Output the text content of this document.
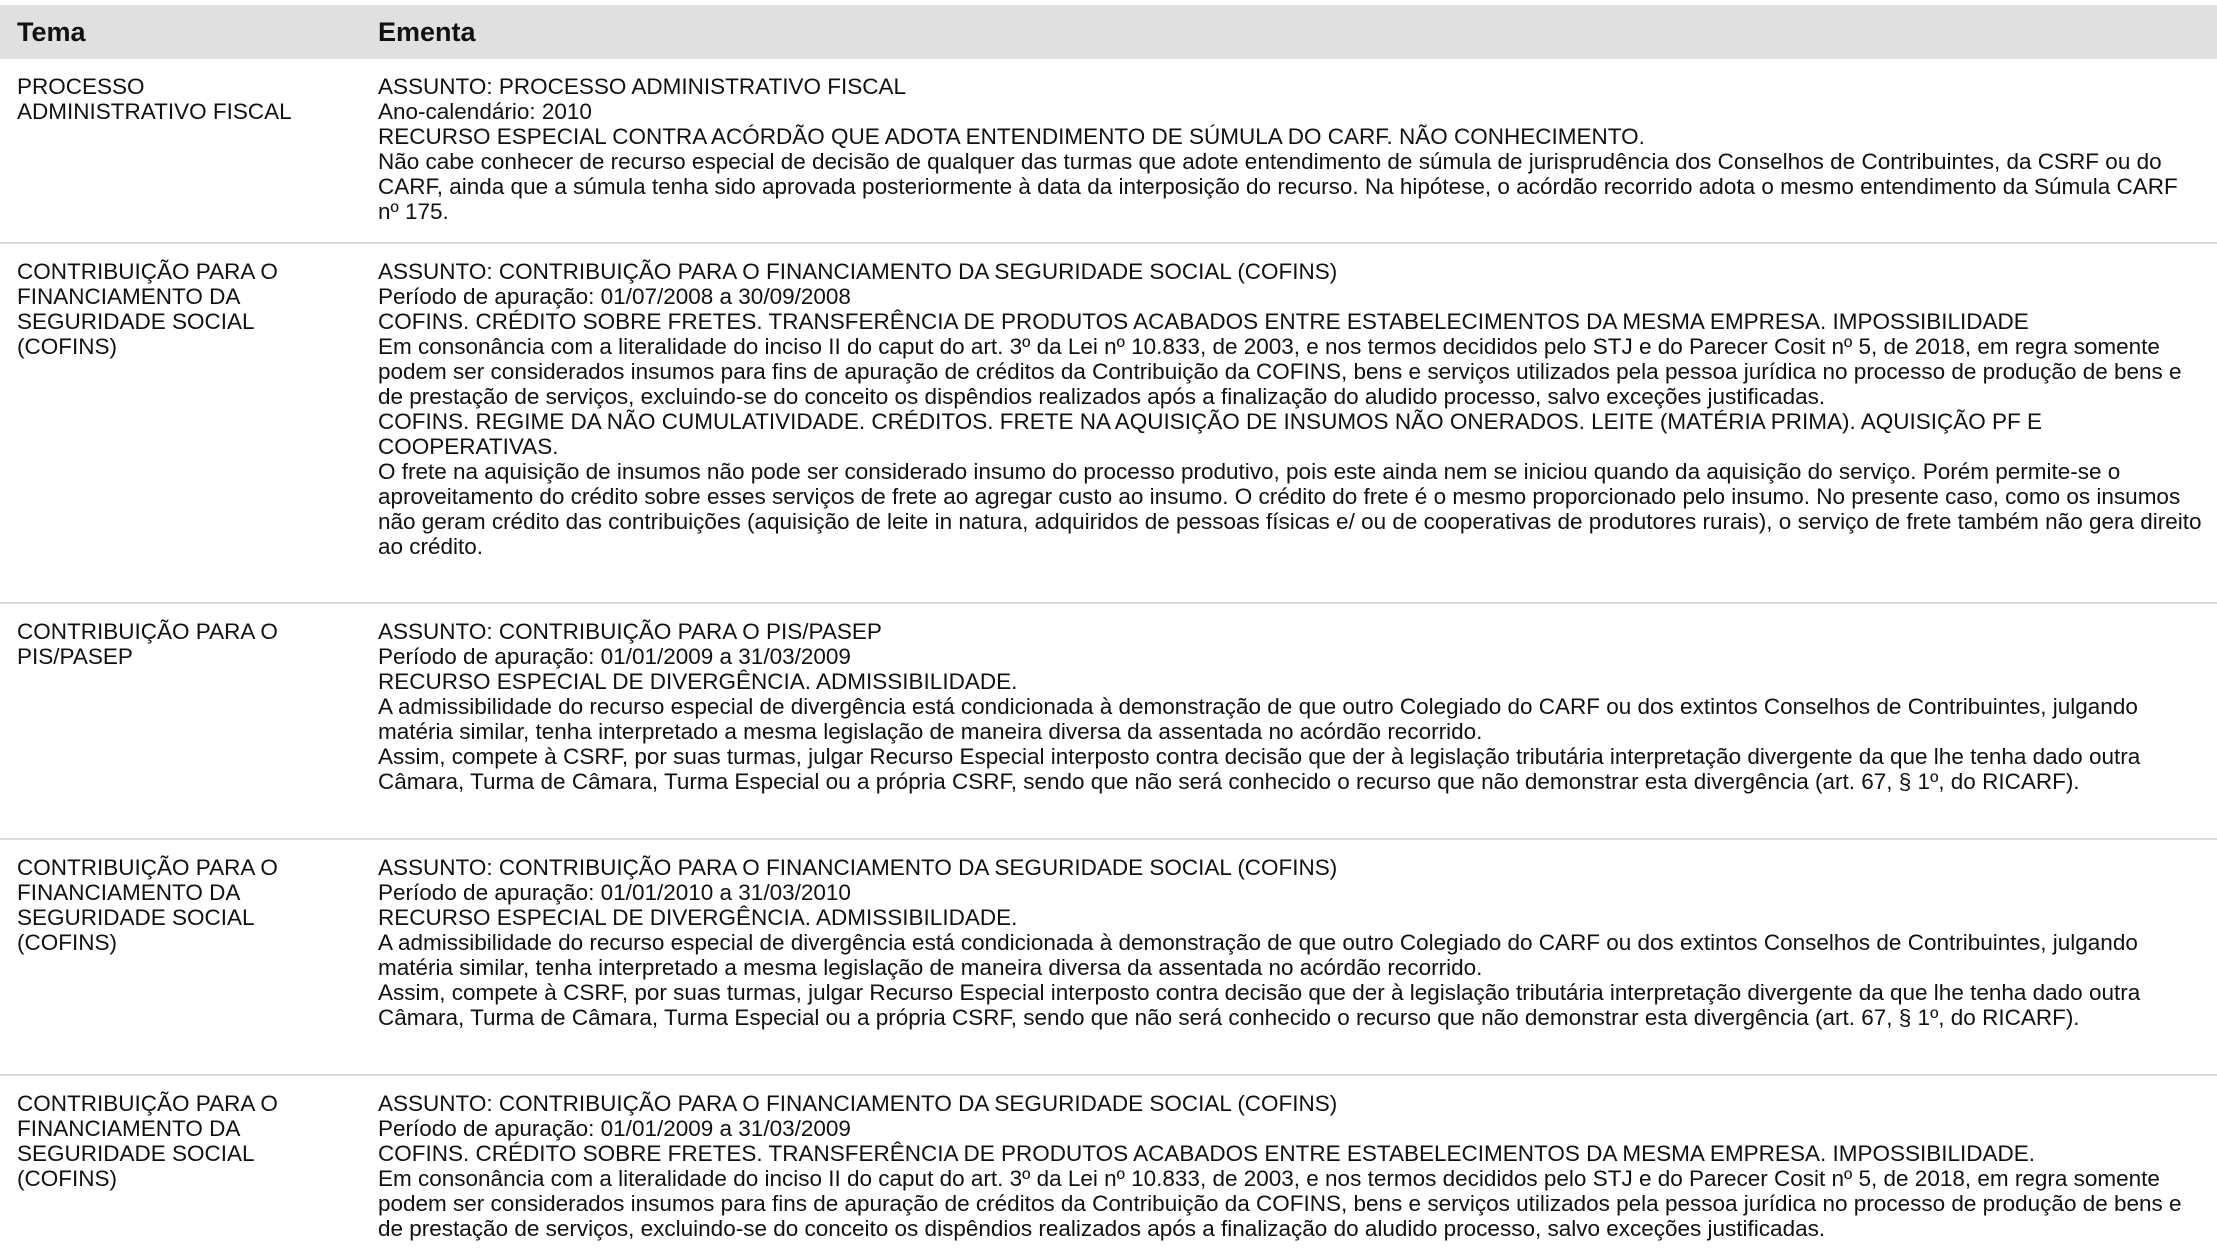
Tema	Ementa
PROCESSO
ADMINISTRATIVO FISCAL

ASSUNTO: PROCESSO ADMINISTRATIVO FISCAL

Ano-calendário: 2010

RECURSO ESPECIAL CONTRA ACÓRDÃO QUE ADOTA ENTENDIMENTO DE SÚMULA DO CARF. NÃO CONHECIMENTO.

Não cabe conhecer de recurso especial de decisão de qualquer das turmas que adote entendimento de súmula de jurisprudência dos Conselhos de Contribuintes, da CSRF ou do CARF, ainda que a súmula tenha sido aprovada posteriormente à data da interposição do recurso. Na hipótese, o acórdão recorrido adota o mesmo entendimento da Súmula CARF nº 175.

CONTRIBUIÇÃO PARA O
FINANCIAMENTO DA
SEGURIDADE SOCIAL
(COFINS)

ASSUNTO: CONTRIBUIÇÃO PARA O FINANCIAMENTO DA SEGURIDADE SOCIAL (COFINS)

Período de apuração: 01/07/2008 a 30/09/2008

COFINS. CRÉDITO SOBRE FRETES. TRANSFERÊNCIA DE PRODUTOS ACABADOS ENTRE ESTABELECIMENTOS DA MESMA EMPRESA. IMPOSSIBILIDADE

Em consonância com a literalidade do inciso II do caput do art. 3º da Lei nº 10.833, de 2003, e nos termos decididos pelo STJ e do Parecer Cosit nº 5, de 2018, em regra somente podem ser considerados insumos para fins de apuração de créditos da Contribuição da COFINS, bens e serviços utilizados pela pessoa jurídica no processo de produção de bens e de prestação de serviços, excluindo-se do conceito os dispêndios realizados após a finalização do aludido processo, salvo exceções justificadas.

COFINS. REGIME DA NÃO CUMULATIVIDADE. CRÉDITOS. FRETE NA AQUISIÇÃO DE INSUMOS NÃO ONERADOS. LEITE (MATÉRIA PRIMA). AQUISIÇÃO PF E COOPERATIVAS.

O frete na aquisição de insumos não pode ser considerado insumo do processo produtivo, pois este ainda nem se iniciou quando da aquisição do serviço. Porém permite-se o aproveitamento do crédito sobre esses serviços de frete ao agregar custo ao insumo. O crédito do frete é o mesmo proporcionado pelo insumo. No presente caso, como os insumos não geram crédito das contribuições (aquisição de leite in natura, adquiridos de pessoas físicas e/ ou de cooperativas de produtores rurais), o serviço de frete também não gera direito ao crédito.

CONTRIBUIÇÃO PARA O
PIS/PASEP

ASSUNTO: CONTRIBUIÇÃO PARA O PIS/PASEP

Período de apuração: 01/01/2009 a 31/03/2009

RECURSO ESPECIAL DE DIVERGÊNCIA. ADMISSIBILIDADE.

A admissibilidade do recurso especial de divergência está condicionada à demonstração de que outro Colegiado do CARF ou dos extintos Conselhos de Contribuintes, julgando matéria similar, tenha interpretado a mesma legislação de maneira diversa da assentada no acórdão recorrido.

Assim, compete à CSRF, por suas turmas, julgar Recurso Especial interposto contra decisão que der à legislação tributária interpretação divergente da que lhe tenha dado outra Câmara, Turma de Câmara, Turma Especial ou a própria CSRF, sendo que não será conhecido o recurso que não demonstrar esta divergência (art. 67, § 1º, do RICARF).

CONTRIBUIÇÃO PARA O
FINANCIAMENTO DA
SEGURIDADE SOCIAL
(COFINS)

ASSUNTO: CONTRIBUIÇÃO PARA O FINANCIAMENTO DA SEGURIDADE SOCIAL (COFINS)

Período de apuração: 01/01/2010 a 31/03/2010

RECURSO ESPECIAL DE DIVERGÊNCIA. ADMISSIBILIDADE.

A admissibilidade do recurso especial de divergência está condicionada à demonstração de que outro Colegiado do CARF ou dos extintos Conselhos de Contribuintes, julgando matéria similar, tenha interpretado a mesma legislação de maneira diversa da assentada no acórdão recorrido.

Assim, compete à CSRF, por suas turmas, julgar Recurso Especial interposto contra decisão que der à legislação tributária interpretação divergente da que lhe tenha dado outra Câmara, Turma de Câmara, Turma Especial ou a própria CSRF, sendo que não será conhecido o recurso que não demonstrar esta divergência (art. 67, § 1º, do RICARF).

CONTRIBUIÇÃO PARA O
FINANCIAMENTO DA
SEGURIDADE SOCIAL
(COFINS)

ASSUNTO: CONTRIBUIÇÃO PARA O FINANCIAMENTO DA SEGURIDADE SOCIAL (COFINS)

Período de apuração: 01/01/2009 a 31/03/2009

COFINS. CRÉDITO SOBRE FRETES. TRANSFERÊNCIA DE PRODUTOS ACABADOS ENTRE ESTABELECIMENTOS DA MESMA EMPRESA. IMPOSSIBILIDADE.

Em consonância com a literalidade do inciso II do caput do art. 3º da Lei nº 10.833, de 2003, e nos termos decididos pelo STJ e do Parecer Cosit nº 5, de 2018, em regra somente podem ser considerados insumos para fins de apuração de créditos da Contribuição da COFINS, bens e serviços utilizados pela pessoa jurídica no processo de produção de bens e de prestação de serviços, excluindo-se do conceito os dispêndios realizados após a finalização do aludido processo, salvo exceções justificadas.
